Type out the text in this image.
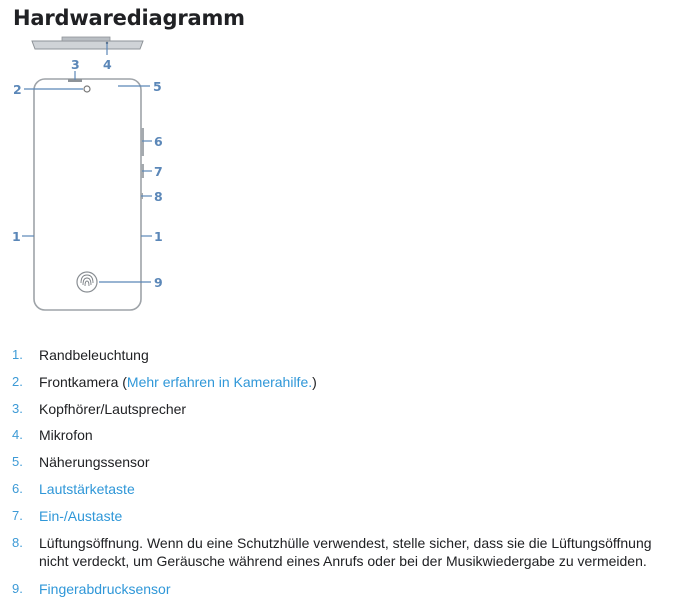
Hardwarediagramm
3 4
2	5
6
7
8
1	1
9
1. Randbeleuchtung
2. Frontkamera (Mehr erfahren in Kamerahilfe.)
3. Kopfhörer/Lautsprecher
4. Mikrofon
5. Näherungssensor
6. Lautstärketaste
7. Ein-/Austaste
8. Lüftungsöffnung. Wenn du eine Schutzhülle verwendest, stelle sicher, dass sie die Lüftungsöffnung nicht verdeckt, um Geräusche während eines Anrufs oder bei der Musikwiedergabe zu vermeiden.
9. Fingerabdrucksensor
